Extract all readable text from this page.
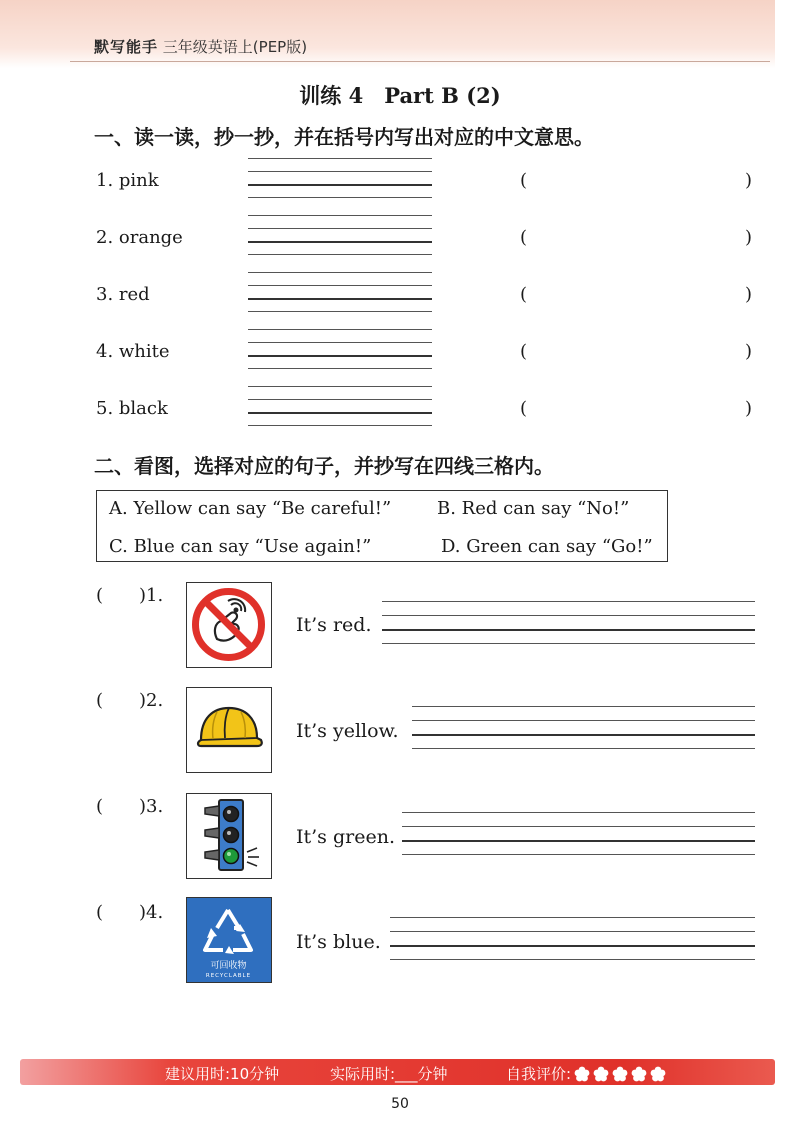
默写能手 三年级英语上(PEP版)
训练 4　Part B (2)
一、读一读，抄一抄，并在括号内写出对应的中文意思。
1. pink	(	)
2. orange	(	)
3. red	(	)
4. white	(	)
5. black	(	)
二、看图，选择对应的句子，并抄写在四线三格内。
A. Yellow can say “Be careful!”	B. Red can say “No!”
C. Blue can say “Use again!”	D. Green can say “Go!”
(　　)1.
It’s red.
(　　)2.
It’s yellow.
(　　)3.
It’s green.
(　　)4.
可回收物
RECYCLABLE
It’s blue.
建议用时:10分钟	实际用时:___分钟	自我评价:
50
